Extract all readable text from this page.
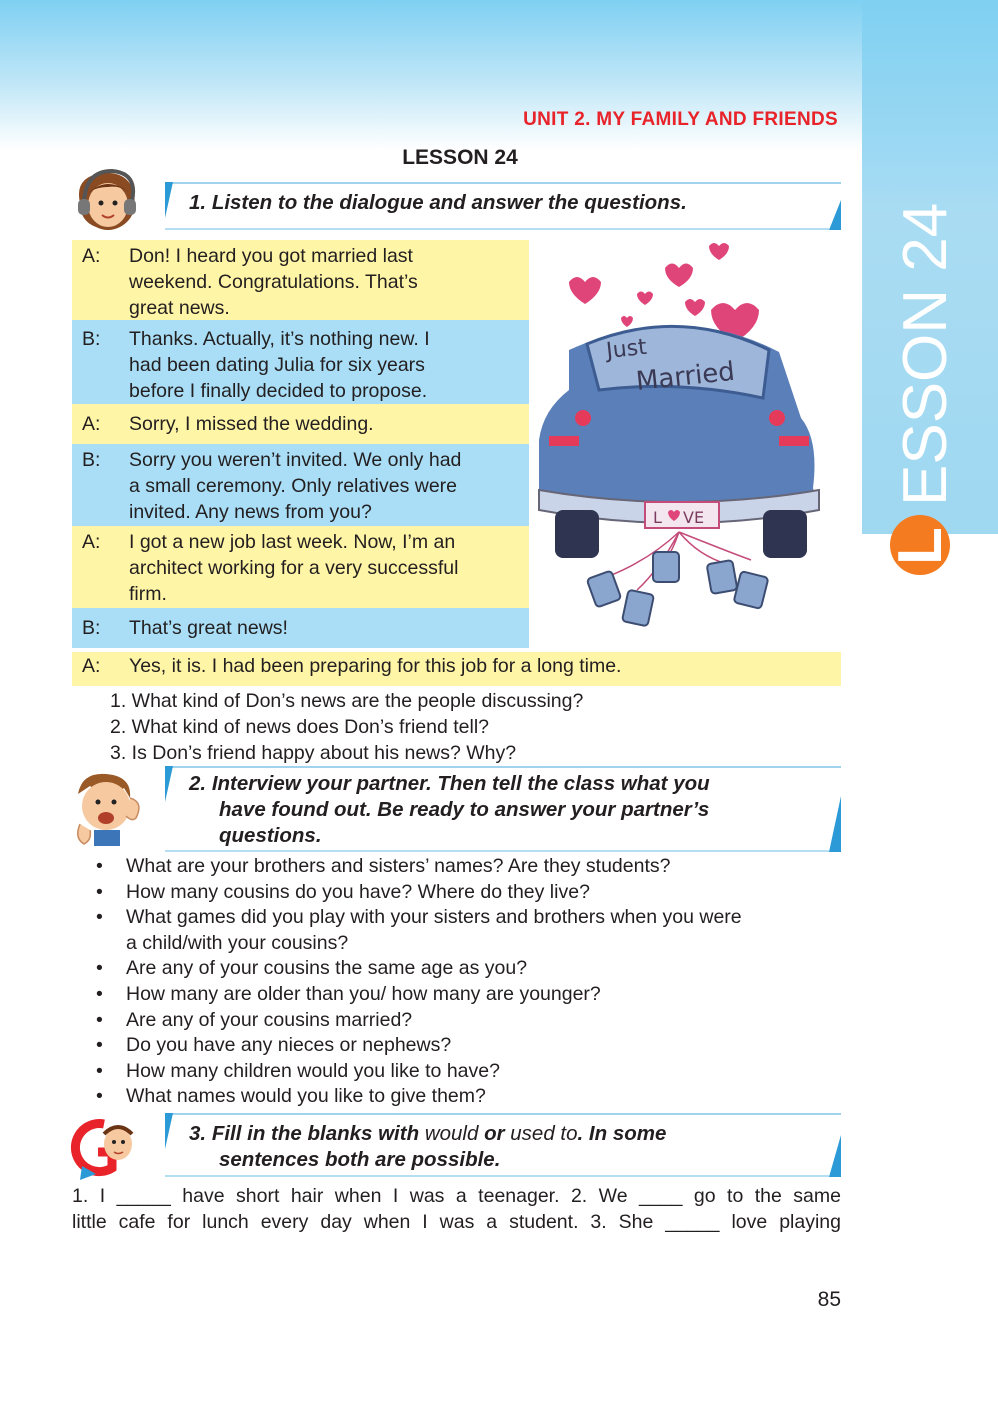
ESSON 24
L
UNIT 2. MY FAMILY AND FRIENDS
LESSON 24
1. Listen to the dialogue and answer the questions.
A: Don! I heard you got married last
weekend. Congratulations. That’s
great news.
B: Thanks. Actually, it’s nothing new. I
had been dating Julia for six years
before I finally decided to propose.
A: Sorry, I missed the wedding.
B: Sorry you weren’t invited. We only had
a small ceremony. Only relatives were
invited. Any news from you?
A: I got a new job last week. Now, I’m an
architect working for a very successful
firm.
B: That’s great news!
A: Yes, it is. I had been preparing for this job for a long time.
Just
Married
L VE
1. What kind of Don’s news are the people discussing?
2. What kind of news does Don’s friend tell?
3. Is Don’s friend happy about his news? Why?
2. Interview your partner. Then tell the class what you
have found out. Be ready to answer your partner’s
questions.
• What are your brothers and sisters’ names? Are they students?
• How many cousins do you have? Where do they live?
• What games did you play with your sisters and brothers when you were
a child/with your cousins?
• Are any of your cousins the same age as you?
• How many are older than you/ how many are younger?
• Are any of your cousins married?
• Do you have any nieces or nephews?
• How many children would you like to have?
• What names would you like to give them?
3. Fill in the blanks with would or used to. In some
sentences both are possible.
1. I _____ have short hair when I was a teenager. 2. We ____ go to the same
little cafe for lunch every day when I was a student. 3. She _____ love playing
85
